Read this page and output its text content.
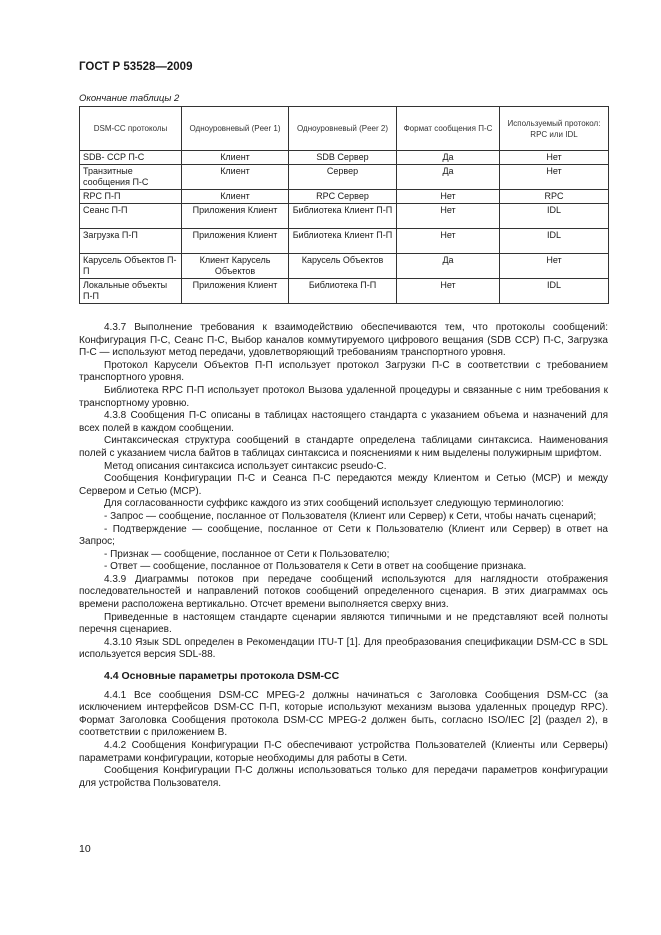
ГОСТ Р 53528—2009
Окончание таблицы 2
DSM-CC протоколы	Одноуровневый (Peer 1)	Одноуровневый (Peer 2)	Формат сообщения П-С	Используемый протокол: RPC или IDL
SDB- CCP П-С	Клиент	SDB Сервер	Да	Нет
Транзитные сообщения П-С	Клиент	Сервер	Да	Нет
RPC П-П	Клиент	RPC Сервер	Нет	RPC
Сеанс П-П	Приложения Клиент	Библиотека Клиент П-П	Нет	IDL
Загрузка П-П	Приложения Клиент	Библиотека Клиент П-П	Нет	IDL
Карусель Объектов П-П	Клиент Карусель Объектов	Карусель Объектов	Да	Нет
Локальные объекты П-П	Приложения Клиент	Библиотека П-П	Нет	IDL

4.3.7 Выполнение требования к взаимодействию обеспечиваются тем, что протоколы сообщений: Конфигурация П-С, Сеанс П-С, Выбор каналов коммутируемого цифрового вещания (SDB CCP) П-С, Загрузка П-С — используют метод передачи, удовлетворяющий требованиям транспортного уровня.

Протокол Карусели Объектов П-П использует протокол Загрузки П-С в соответствии с требованием транспортного уровня.

Библиотека RPC П-П использует протокол Вызова удаленной процедуры и связанные с ним требования к транспортному уровню.

4.3.8 Сообщения П-С описаны в таблицах настоящего стандарта с указанием объема и назначений для всех полей в каждом сообщении.

Синтаксическая структура сообщений в стандарте определена таблицами синтаксиса. Наименования полей с указанием числа байтов в таблицах синтаксиса и пояснениями к ним выделены полужирным шрифтом.

Метод описания синтаксиса использует синтаксис pseudo-C.

Сообщения Конфигурации П-С и Сеанса П-С передаются между Клиентом и Сетью (МСР) и между Сервером и Сетью (МСР).

Для согласованности суффикс каждого из этих сообщений использует следующую терминологию:

- Запрос — сообщение, посланное от Пользователя (Клиент или Сервер) к Сети, чтобы начать сценарий;

- Подтверждение — сообщение, посланное от Сети к Пользователю (Клиент или Сервер) в ответ на Запрос;

- Признак — сообщение, посланное от Сети к Пользователю;

- Ответ — сообщение, посланное от Пользователя к Сети в ответ на сообщение признака.

4.3.9 Диаграммы потоков при передаче сообщений используются для наглядности отображения последовательностей и направлений потоков сообщений определенного сценария. В этих диаграммах ось времени расположена вертикально. Отсчет времени выполняется сверху вниз.

Приведенные в настоящем стандарте сценарии являются типичными и не представляют всей полноты перечня сценариев.

4.3.10 Язык SDL определен в Рекомендации ITU-T [1]. Для преобразования спецификации DSM-CC в SDL используется версия SDL-88.

4.4 Основные параметры протокола DSM-CC

4.4.1 Все сообщения DSM-CC MPEG-2 должны начинаться с Заголовка Сообщения DSM-CC (за исключением интерфейсов DSM-CC П-П, которые используют механизм вызова удаленных процедур RPC). Формат Заголовка Сообщения протокола DSM-CC MPEG-2 должен быть, согласно ISO/IEC [2] (раздел 2), в соответствии с приложением В.

4.4.2 Сообщения Конфигурации П-С обеспечивают устройства Пользователей (Клиенты или Серверы) параметрами конфигурации, которые необходимы для работы в Сети.

Сообщения Конфигурации П-С должны использоваться только для передачи параметров конфигурации для устройства Пользователя.

10
